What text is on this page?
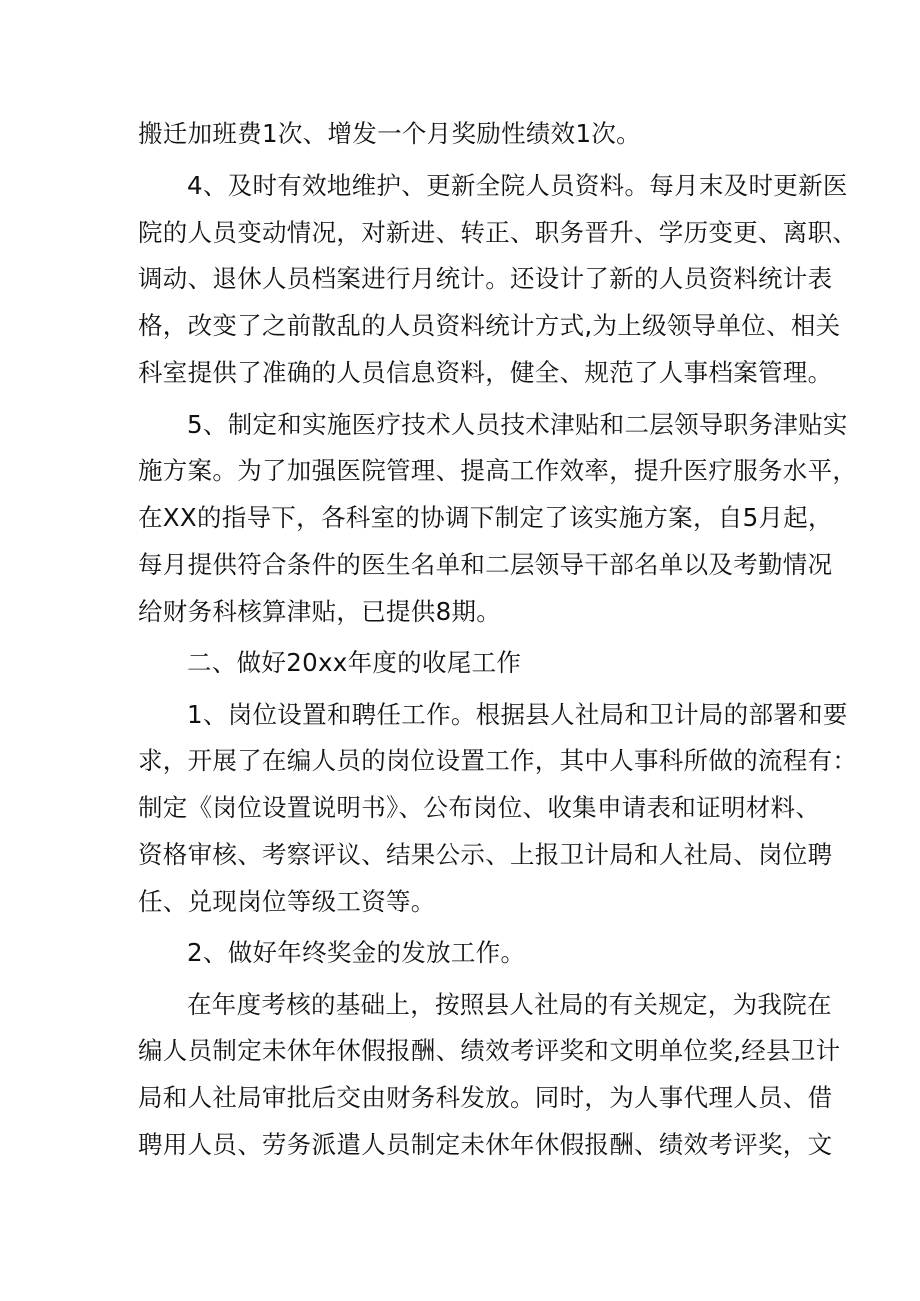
搬迁加班费1次、增发一个月奖励性绩效1次。

4、及时有效地维护、更新全院人员资料。每月末及时更新医

院的人员变动情况，对新进、转正、职务晋升、学历变更、离职、

调动、退休人员档案进行月统计。还设计了新的人员资料统计表

格，改变了之前散乱的人员资料统计方式,为上级领导单位、相关

科室提供了准确的人员信息资料，健全、规范了人事档案管理。

5、制定和实施医疗技术人员技术津贴和二层领导职务津贴实

施方案。为了加强医院管理、提高工作效率，提升医疗服务水平，

在XX的指导下，各科室的协调下制定了该实施方案，自5月起，

每月提供符合条件的医生名单和二层领导干部名单以及考勤情况

给财务科核算津贴，已提供8期。

二、做好20xx年度的收尾工作

1、岗位设置和聘任工作。根据县人社局和卫计局的部署和要

求，开展了在编人员的岗位设置工作，其中人事科所做的流程有：

制定《岗位设置说明书》、公布岗位、收集申请表和证明材料、

资格审核、考察评议、结果公示、上报卫计局和人社局、岗位聘

任、兑现岗位等级工资等。

2、做好年终奖金的发放工作。

在年度考核的基础上，按照县人社局的有关规定，为我院在

编人员制定未休年休假报酬、绩效考评奖和文明单位奖,经县卫计

局和人社局审批后交由财务科发放。同时，为人事代理人员、借

聘用人员、劳务派遣人员制定未休年休假报酬、绩效考评奖，文
